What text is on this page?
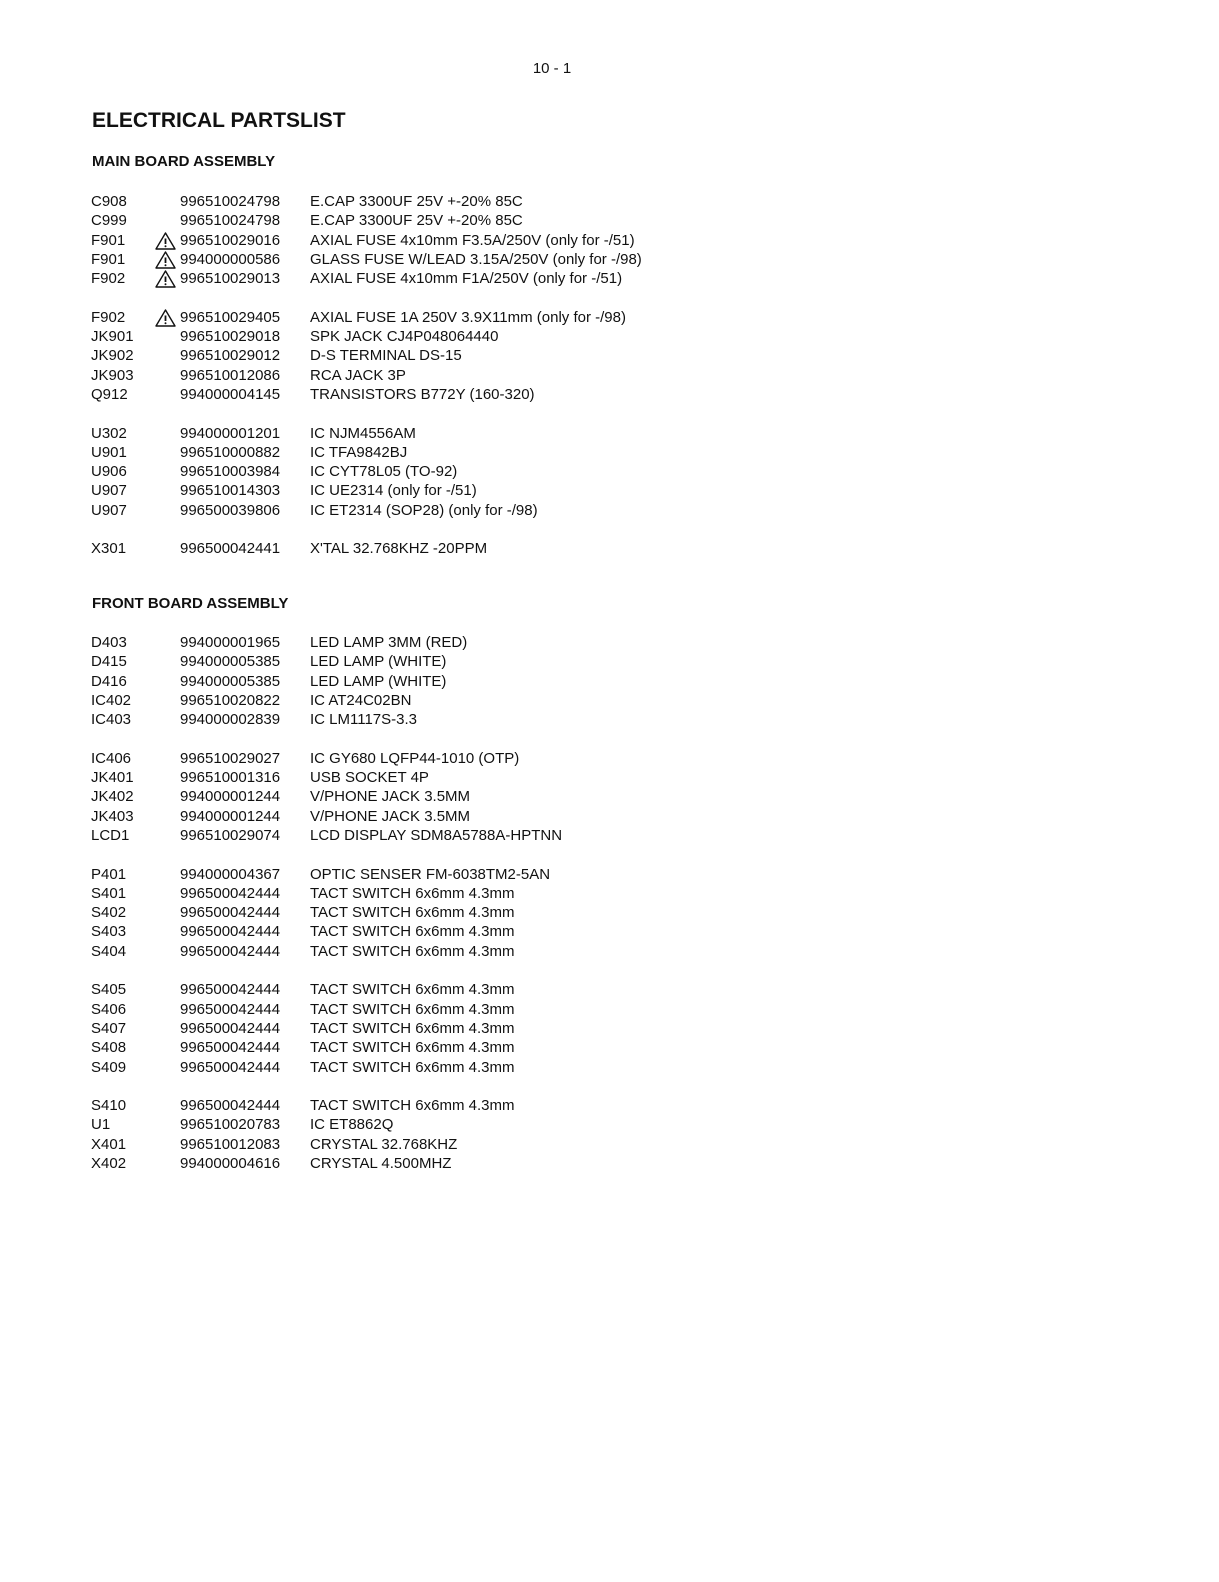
10 - 1
ELECTRICAL PARTSLIST
MAIN BOARD ASSEMBLY
C908	996510024798 E.CAP 3300UF 25V +-20% 85C
C999	996510024798 E.CAP 3300UF 25V +-20% 85C
F901	996510029016 AXIAL FUSE 4x10mm F3.5A/250V (only for -/51)
F901	994000000586 GLASS FUSE W/LEAD 3.15A/250V (only for -/98)
F902	996510029013 AXIAL FUSE 4x10mm F1A/250V (only for -/51)
F902	996510029405 AXIAL FUSE 1A 250V 3.9X11mm (only for -/98)
JK901	996510029018 SPK JACK CJ4P048064440
JK902	996510029012 D-S TERMINAL DS-15
JK903	996510012086 RCA JACK 3P
Q912	994000004145 TRANSISTORS B772Y (160-320)
U302	994000001201 IC NJM4556AM
U901	996510000882 IC TFA9842BJ
U906	996510003984 IC CYT78L05 (TO-92)
U907	996510014303 IC UE2314 (only for -/51)
U907	996500039806 IC ET2314 (SOP28) (only for -/98)
X301	996500042441 X'TAL 32.768KHZ -20PPM
FRONT BOARD ASSEMBLY
D403	994000001965 LED LAMP 3MM (RED)
D415	994000005385 LED LAMP (WHITE)
D416	994000005385 LED LAMP (WHITE)
IC402	996510020822 IC AT24C02BN
IC403	994000002839 IC LM1117S-3.3
IC406	996510029027 IC GY680 LQFP44-1010 (OTP)
JK401	996510001316 USB SOCKET 4P
JK402	994000001244 V/PHONE JACK 3.5MM
JK403	994000001244 V/PHONE JACK 3.5MM
LCD1	996510029074 LCD DISPLAY SDM8A5788A-HPTNN
P401	994000004367 OPTIC SENSER FM-6038TM2-5AN
S401	996500042444 TACT SWITCH 6x6mm 4.3mm
S402	996500042444 TACT SWITCH 6x6mm 4.3mm
S403	996500042444 TACT SWITCH 6x6mm 4.3mm
S404	996500042444 TACT SWITCH 6x6mm 4.3mm
S405	996500042444 TACT SWITCH 6x6mm 4.3mm
S406	996500042444 TACT SWITCH 6x6mm 4.3mm
S407	996500042444 TACT SWITCH 6x6mm 4.3mm
S408	996500042444 TACT SWITCH 6x6mm 4.3mm
S409	996500042444 TACT SWITCH 6x6mm 4.3mm
S410	996500042444 TACT SWITCH 6x6mm 4.3mm
U1	996510020783 IC ET8862Q
X401	996510012083 CRYSTAL 32.768KHZ
X402	994000004616 CRYSTAL 4.500MHZ
